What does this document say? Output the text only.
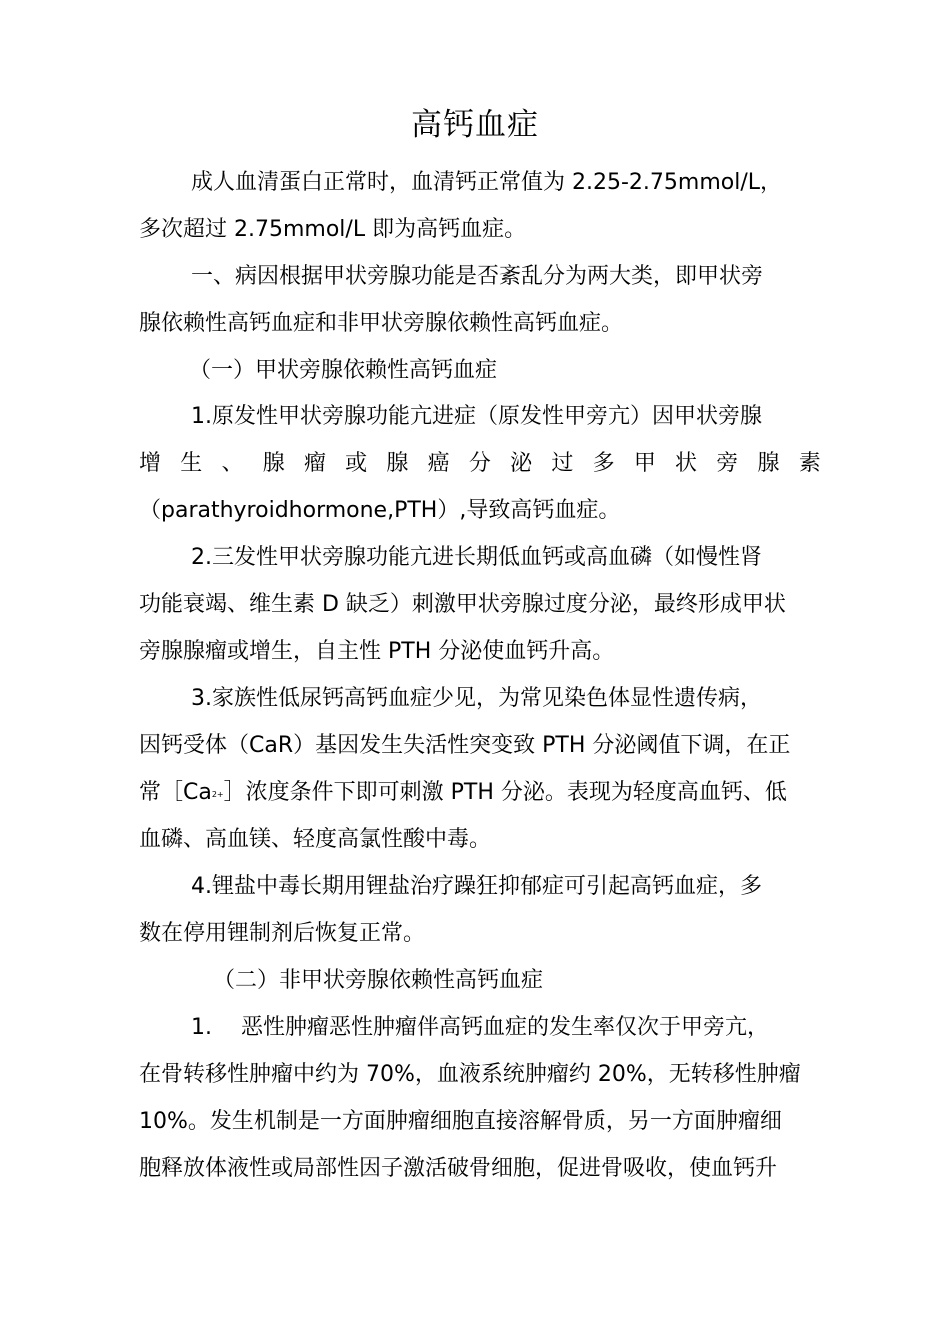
高钙血症
成人血清蛋白正常时，血清钙正常值为 2.25-2.75mmol/L，
多次超过 2.75mmol/L 即为高钙血症。
一、病因根据甲状旁腺功能是否紊乱分为两大类，即甲状旁
腺依赖性高钙血症和非甲状旁腺依赖性高钙血症。
（一）甲状旁腺依赖性高钙血症
1.原发性甲状旁腺功能亢进症（原发性甲旁亢）因甲状旁腺
增 生 、 腺 瘤 或 腺 癌 分 泌 过 多 甲 状 旁 腺 素
（parathyroidhormone,PTH）,导致高钙血症。
2.三发性甲状旁腺功能亢进长期低血钙或高血磷（如慢性肾
功能衰竭、维生素 D 缺乏）刺激甲状旁腺过度分泌，最终形成甲状
旁腺腺瘤或增生，自主性 PTH 分泌使血钙升高。
3.家族性低尿钙高钙血症少见，为常见染色体显性遗传病，
因钙受体（CaR）基因发生失活性突变致 PTH 分泌阈值下调，在正
常$[Ca^{2+}]$浓度条件下即可刺激 PTH 分泌。表现为轻度高血钙、低
血磷、高血镁、轻度高氯性酸中毒。
4.锂盐中毒长期用锂盐治疗躁狂抑郁症可引起高钙血症，多
数在停用锂制剂后恢复正常。
（二）非甲状旁腺依赖性高钙血症
1.　 恶性肿瘤恶性肿瘤伴高钙血症的发生率仅次于甲旁亢，
在骨转移性肿瘤中约为 70%，血液系统肿瘤约 20%，无转移性肿瘤
10%。发生机制是一方面肿瘤细胞直接溶解骨质，另一方面肿瘤细
胞释放体液性或局部性因子激活破骨细胞，促进骨吸收，使血钙升
